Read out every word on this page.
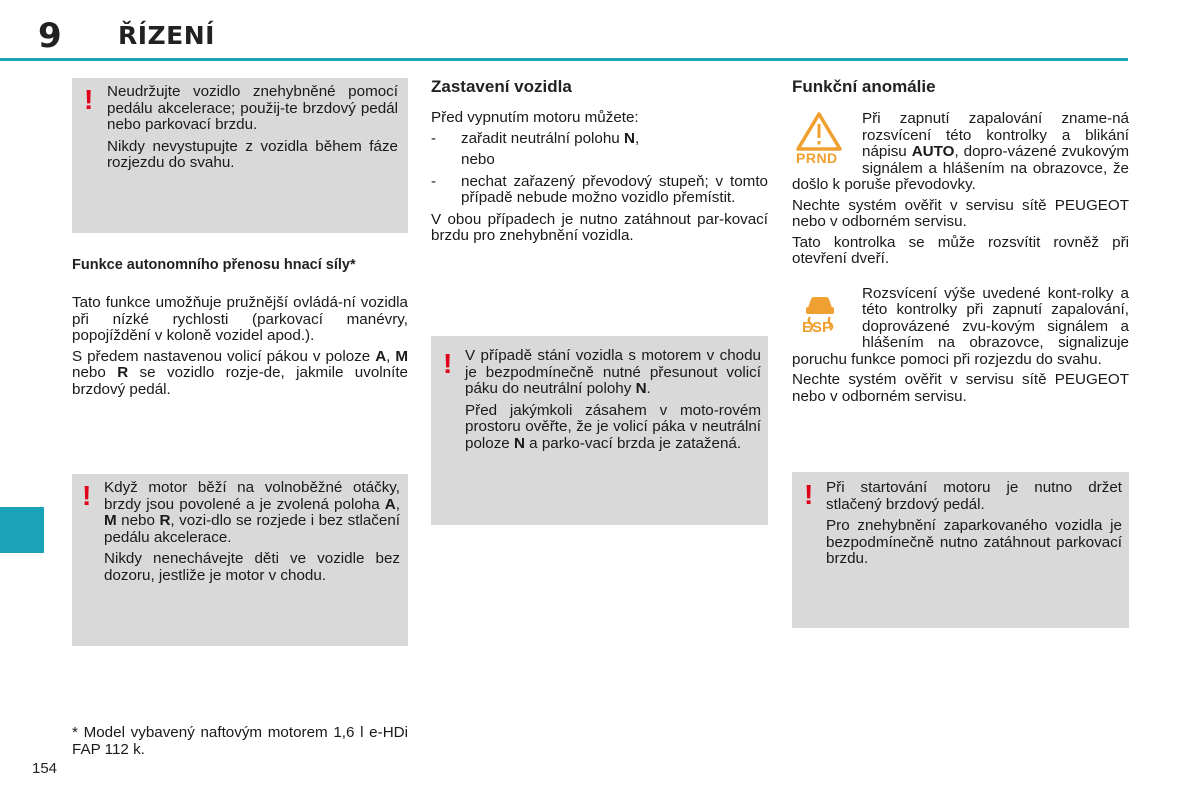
9 ŘÍZENÍ
! Neudržujte vozidlo znehybněné pomocí pedálu akcelerace; použij-te brzdový pedál nebo parkovací brzdu.

Nikdy nevystupujte z vozidla během fáze rozjezdu do svahu.

Funkce autonomního přenosu hnací síly*

Tato funkce umožňuje pružnější ovládá-ní vozidla při nízké rychlosti (parkovací manévry, popojíždění v koloně vozidel apod.).

S předem nastavenou volicí pákou v poloze A, M nebo R se vozidlo rozje-de, jakmile uvolníte brzdový pedál.

! Když motor běží na volnoběžné otáčky, brzdy jsou povolené a je zvolená poloha A, M nebo R, vozi-dlo se rozjede i bez stlačení pedálu akcelerace.

Nikdy nenechávejte děti ve vozidle bez dozoru, jestliže je motor v chodu.

* Model vybavený naftovým motorem 1,6 l e-HDi FAP 112 k.
154
Zastavení vozidla

Před vypnutím motoru můžete:

- zařadit neutrální polohu N,
nebo
- nechat zařazený převodový stupeň; v tomto případě nebude možno vozidlo přemístit.

V obou případech je nutno zatáhnout par-kovací brzdu pro znehybnění vozidla.

! V případě stání vozidla s motorem v chodu je bezpodmínečně nutné přesunout volicí páku do neutrální polohy N.

Před jakýmkoli zásahem v moto-rovém prostoru ověřte, že je volicí páka v neutrální poloze N a parko-vací brzda je zatažená.

Funkční anomálie
PRND
Při zapnutí zapalování zname-ná rozsvícení této kontrolky a blikání nápisu AUTO, dopro-vázené zvukovým signálem a hlášením na obrazovce, že došlo k poruše převodovky.

Nechte systém ověřit v servisu sítě PEUGEOT nebo v odborném servisu.

Tato kontrolka se může rozsvítit rovněž při otevření dveří.

ESP
Rozsvícení výše uvedené kont-rolky a této kontrolky při zapnutí zapalování, doprovázené zvu-kovým signálem a hlášením na obrazovce, signalizuje poruchu funkce pomoci při rozjezdu do svahu.

Nechte systém ověřit v servisu sítě PEUGEOT nebo v odborném servisu.

! Při startování motoru je nutno držet stlačený brzdový pedál.

Pro znehybnění zaparkovaného vozidla je bezpodmínečně nutno zatáhnout parkovací brzdu.
